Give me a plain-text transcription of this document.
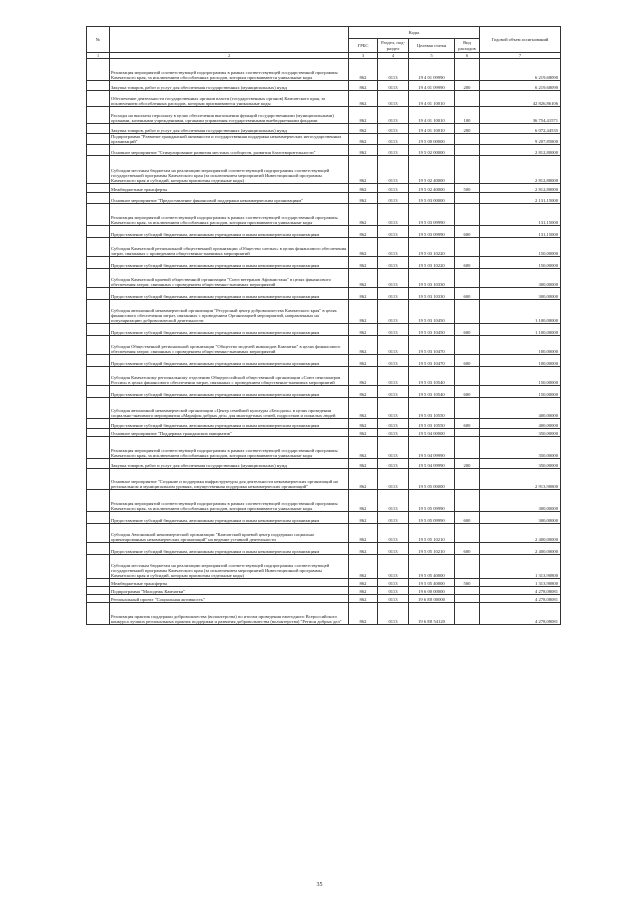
№		Коды				Годовой объем ассигнований
		ГРБС	Раздел, под-раздел	Целевая статья	Вид расходов	
1	2	3	4	5	6	7
	Реализация мероприятий соответствующей подпрограммы в рамках соответствующей государственной программы Камчатского края, за исключением обособленных расходов, которым присваиваются уникальные коды	862	0113	19 4 01 09990		6 219,68090
	Закупка товаров, работ и услуг для обеспечения государственных (муниципальных) нужд	862	0113	19 4 01 09990	200	6 219,68090
	Обеспечение деятельности государственных органов власти (государственных органов) Камчатского края, за исключением обособленных расходов, которым присваиваются уникальные коды	862	0113	19 4 01 10010		42 826,86106
	Расходы на выплаты персоналу в целях обеспечения выполнения функций государственными (муниципальными) органами, казенными учреждениями, органами управления государственными внебюджетными фондами	862	0113	19 4 01 10010	100	36 754,41571
	Закупка товаров, работ и услуг для обеспечения государственных (муниципальных) нужд	862	0113	19 4 01 10010	200	6 072,44535
	Подпрограмма "Развитие гражданской активности и государственная поддержка некоммерческих негосударственных организаций"	862	0113	19 5 00 00000		9 207,85800
	Основное мероприятие "Стимулирование развития местных сообществ, развития благотворительности"	862	0113	19 5 02 00000		2 812,80000
	Субсидии местным бюджетам на реализацию мероприятий соответствующей подпрограммы соответствующей государственной программы Камчатского края (за исключением мероприятий Инвестиционной программы Камчатского края и субсидий, которым присвоены отдельные коды)	862	0113	19 5 02 40000		2 812,80000
	Межбюджетные трансферты	862	0113	19 5 02 40000	500	2 812,80000
	Основное мероприятие "Предоставление финансовой поддержки некоммерческим организациям"	862	0113	19 5 03 00000		2 131,15000
	Реализация мероприятий соответствующей подпрограммы в рамках соответствующей государственной программы Камчатского края, за исключением обособленных расходов, которым присваиваются уникальные коды	862	0113	19 5 03 09990		131,15000
	Предоставление субсидий бюджетным, автономным учреждениям и иным некоммерческим организациям	862	0113	19 5 03 09990	600	131,15000
	Субсидия Камчатской региональной общественной организации «Общество слепых» в целях финансового обеспечения затрат, связанных с проведением общественно-значимых мероприятий	862	0113	19 5 03 10220		150,00000
	Предоставление субсидий бюджетным, автономным учреждениям и иным некоммерческим организациям	862	0113	19 5 03 10220	600	150,00000
	Субсидия Камчатской краевой общественной организации "Союз ветеранов Афганистана" в целях финансового обеспечения затрат, связанных с проведением общественно-значимых мероприятий	862	0113	19 5 03 10330		300,00000
	Предоставление субсидий бюджетным, автономным учреждениям и иным некоммерческим организациям	862	0113	19 5 03 10330	600	300,00000
	Субсидия автономной некоммерческой организации "Ресурсный центр добровольчества Камчатского края" в целях финансового обеспечения затрат, связанных с проведением Организацией мероприятий, направленных на популяризацию добровольческой деятельности	862	0113	19 5 03 10450		1 100,00000
	Предоставление субсидий бюджетным, автономным учреждениям и иным некоммерческим организациям	862	0113	19 5 03 10450	600	1 100,00000
	Субсидия Общественной региональной организации "Общество моделей инвалидов Камчатки" в целях финансового обеспечения затрат, связанных с проведением общественно-значимых мероприятий	862	0113	19 5 03 10470		100,00000
	Предоставление субсидий бюджетным, автономным учреждениям и иным некоммерческим организациям	862	0113	19 5 03 10470	600	100,00000
	Субсидия Камчатскому региональному отделению Общероссийской общественной организации «Союз пенсионеров России» в целях финансового обеспечения затрат, связанных с проведением общественно-значимых мероприятий	862	0113	19 5 03 10540		150,00000
	Предоставление субсидий бюджетным, автономным учреждениям и иным некоммерческим организациям	862	0113	19 5 03 10540	600	150,00000
	Субсидия автономной некоммерческой организации «Центр семейной культуры «Белодаль» в целях проведения социально-значимого мероприятия «Марафон добрых дел» для многодетных семей, подростков и пожилых людей	862	0113	19 5 03 10550		400,00000
	Предоставление субсидий бюджетным, автономным учреждениям и иным некоммерческим организациям	862	0113	19 5 03 10550	600	400,00000
	Основное мероприятие "Поддержка гражданских инициатив"	862	0113	19 5 04 00000		350,00000
	Реализация мероприятий соответствующей подпрограммы в рамках соответствующей государственной программы Камчатского края, за исключением обособленных расходов, которым присваиваются уникальные коды	862	0113	19 5 04 09990		350,00000
	Закупка товаров, работ и услуг для обеспечения государственных (муниципальных) нужд	862	0113	19 5 04 09990	200	350,00000
	Основное мероприятие "Создание и поддержка инфраструктуры для деятельности некоммерческих организаций на региональном и муниципальном уровнях, имущественная поддержка некоммерческих организаций"	862	0113	19 5 05 00000		2 913,90800
	Реализация мероприятий соответствующей подпрограммы в рамках соответствующей государственной программы Камчатского края, за исключением обособленных расходов, которым присваиваются уникальные коды	862	0113	19 5 05 09990		300,00000
	Предоставление субсидий бюджетным, автономным учреждениям и иным некоммерческим организациям	862	0113	19 5 05 09990	600	300,00000
	Субсидия Автономной некоммерческой организации "Камчатский краевой центр поддержки социально ориентированных некоммерческих организаций" на ведение уставной деятельности	862	0113	19 5 05 10210		2 400,00000
	Предоставление субсидий бюджетным, автономным учреждениям и иным некоммерческим организациям	862	0113	19 5 05 10210	600	2 400,00000
	Субсидии местным бюджетам на реализацию мероприятий соответствующей подпрограммы соответствующей государственной программы Камчатского края (за исключением мероприятий Инвестиционной программы Камчатского края и субсидий, которым присвоены отдельные коды)	862	0113	19 5 05 40000		1 313,90800
	Межбюджетные трансферты	862	0113	19 5 05 40000	500	1 313,90800
	Подпрограмма "Молодежь Камчатки"	862	0113	19 6 00 00000		4 278,08081
	Региональный проект "Социальная активность"	862	0113	19 6 E8 00000		4 278,08081
	Реализация практик поддержки добровольчества (волонтерства) по итогам проведения ежегодного Всероссийского конкурса лучших региональных практик поддержки и развития добровольчества (волонтерства) "Регион добрых дел"	862	0113	19 6 E8 54120		4 278,08081
35
